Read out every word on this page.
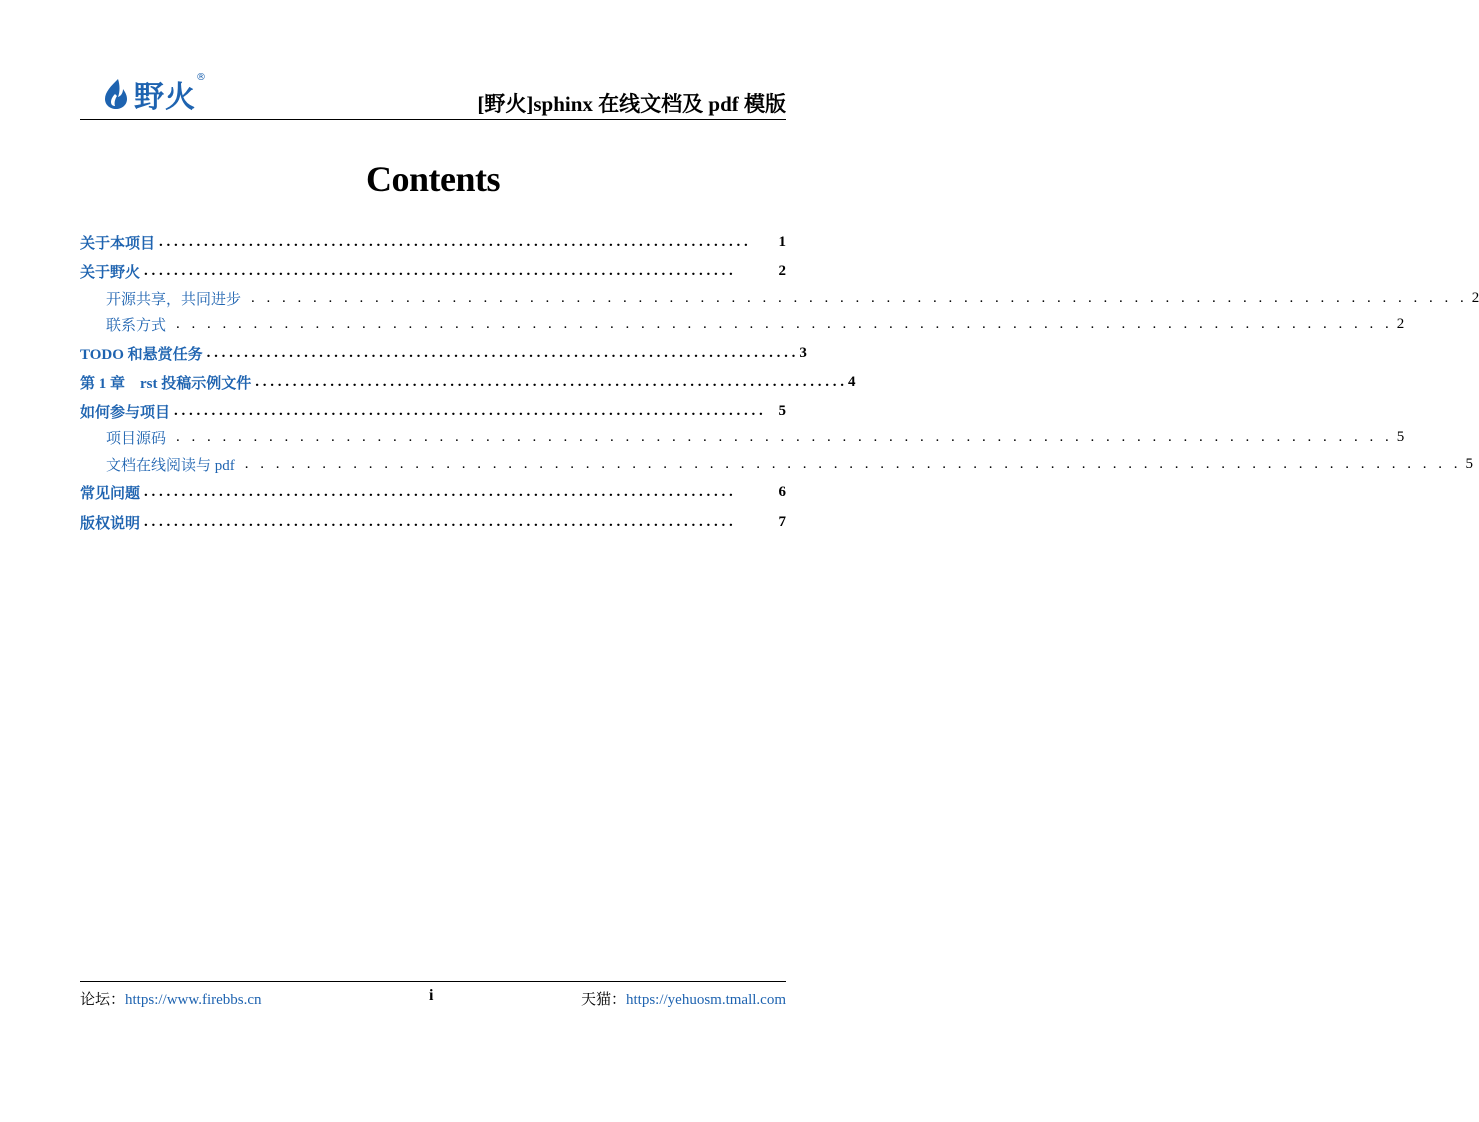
野火
®
[野火]sphinx 在线文档及 pdf 模版
Contents
关于本项目 . . . . . . . . . . . . . . . . . . . . . . . . . . . . . . . . . . . . . . . . . . . . . . . . . . . . . . . . . . . . . . . . . . . . . . . . . . . . . . .	1
关于野火 . . . . . . . . . . . . . . . . . . . . . . . . . . . . . . . . . . . . . . . . . . . . . . . . . . . . . . . . . . . . . . . . . . . . . . . . . . . . . . .	2
开源共享，共同进步 . . . . . . . . . . . . . . . . . . . . . . . . . . . . . . . . . . . . . . . . . . . . . . . . . . . . . . . . . . . . . . . . . . . . . . . . . . . . . . . 2
联系方式 . . . . . . . . . . . . . . . . . . . . . . . . . . . . . . . . . . . . . . . . . . . . . . . . . . . . . . . . . . . . . . . . . . . . . . . . . . . . . . . 2
TODO 和悬赏任务 . . . . . . . . . . . . . . . . . . . . . . . . . . . . . . . . . . . . . . . . . . . . . . . . . . . . . . . . . . . . . . . . . . . . . . . . . . . . . . . 3
第 1 章　rst 投稿示例文件 . . . . . . . . . . . . . . . . . . . . . . . . . . . . . . . . . . . . . . . . . . . . . . . . . . . . . . . . . . . . . . . . . . . . . . . . . . . . . . . 4
如何参与项目 . . . . . . . . . . . . . . . . . . . . . . . . . . . . . . . . . . . . . . . . . . . . . . . . . . . . . . . . . . . . . . . . . . . . . . . . . . . . . . .	5
项目源码 . . . . . . . . . . . . . . . . . . . . . . . . . . . . . . . . . . . . . . . . . . . . . . . . . . . . . . . . . . . . . . . . . . . . . . . . . . . . . . . 5
文档在线阅读与 pdf . . . . . . . . . . . . . . . . . . . . . . . . . . . . . . . . . . . . . . . . . . . . . . . . . . . . . . . . . . . . . . . . . . . . . . . . . . . . . . . 5
常见问题 . . . . . . . . . . . . . . . . . . . . . . . . . . . . . . . . . . . . . . . . . . . . . . . . . . . . . . . . . . . . . . . . . . . . . . . . . . . . . . .	6
版权说明 . . . . . . . . . . . . . . . . . . . . . . . . . . . . . . . . . . . . . . . . . . . . . . . . . . . . . . . . . . . . . . . . . . . . . . . . . . . . . . .	7
论坛：https://www.firebbs.cn	i	天猫：https://yehuosm.tmall.com
